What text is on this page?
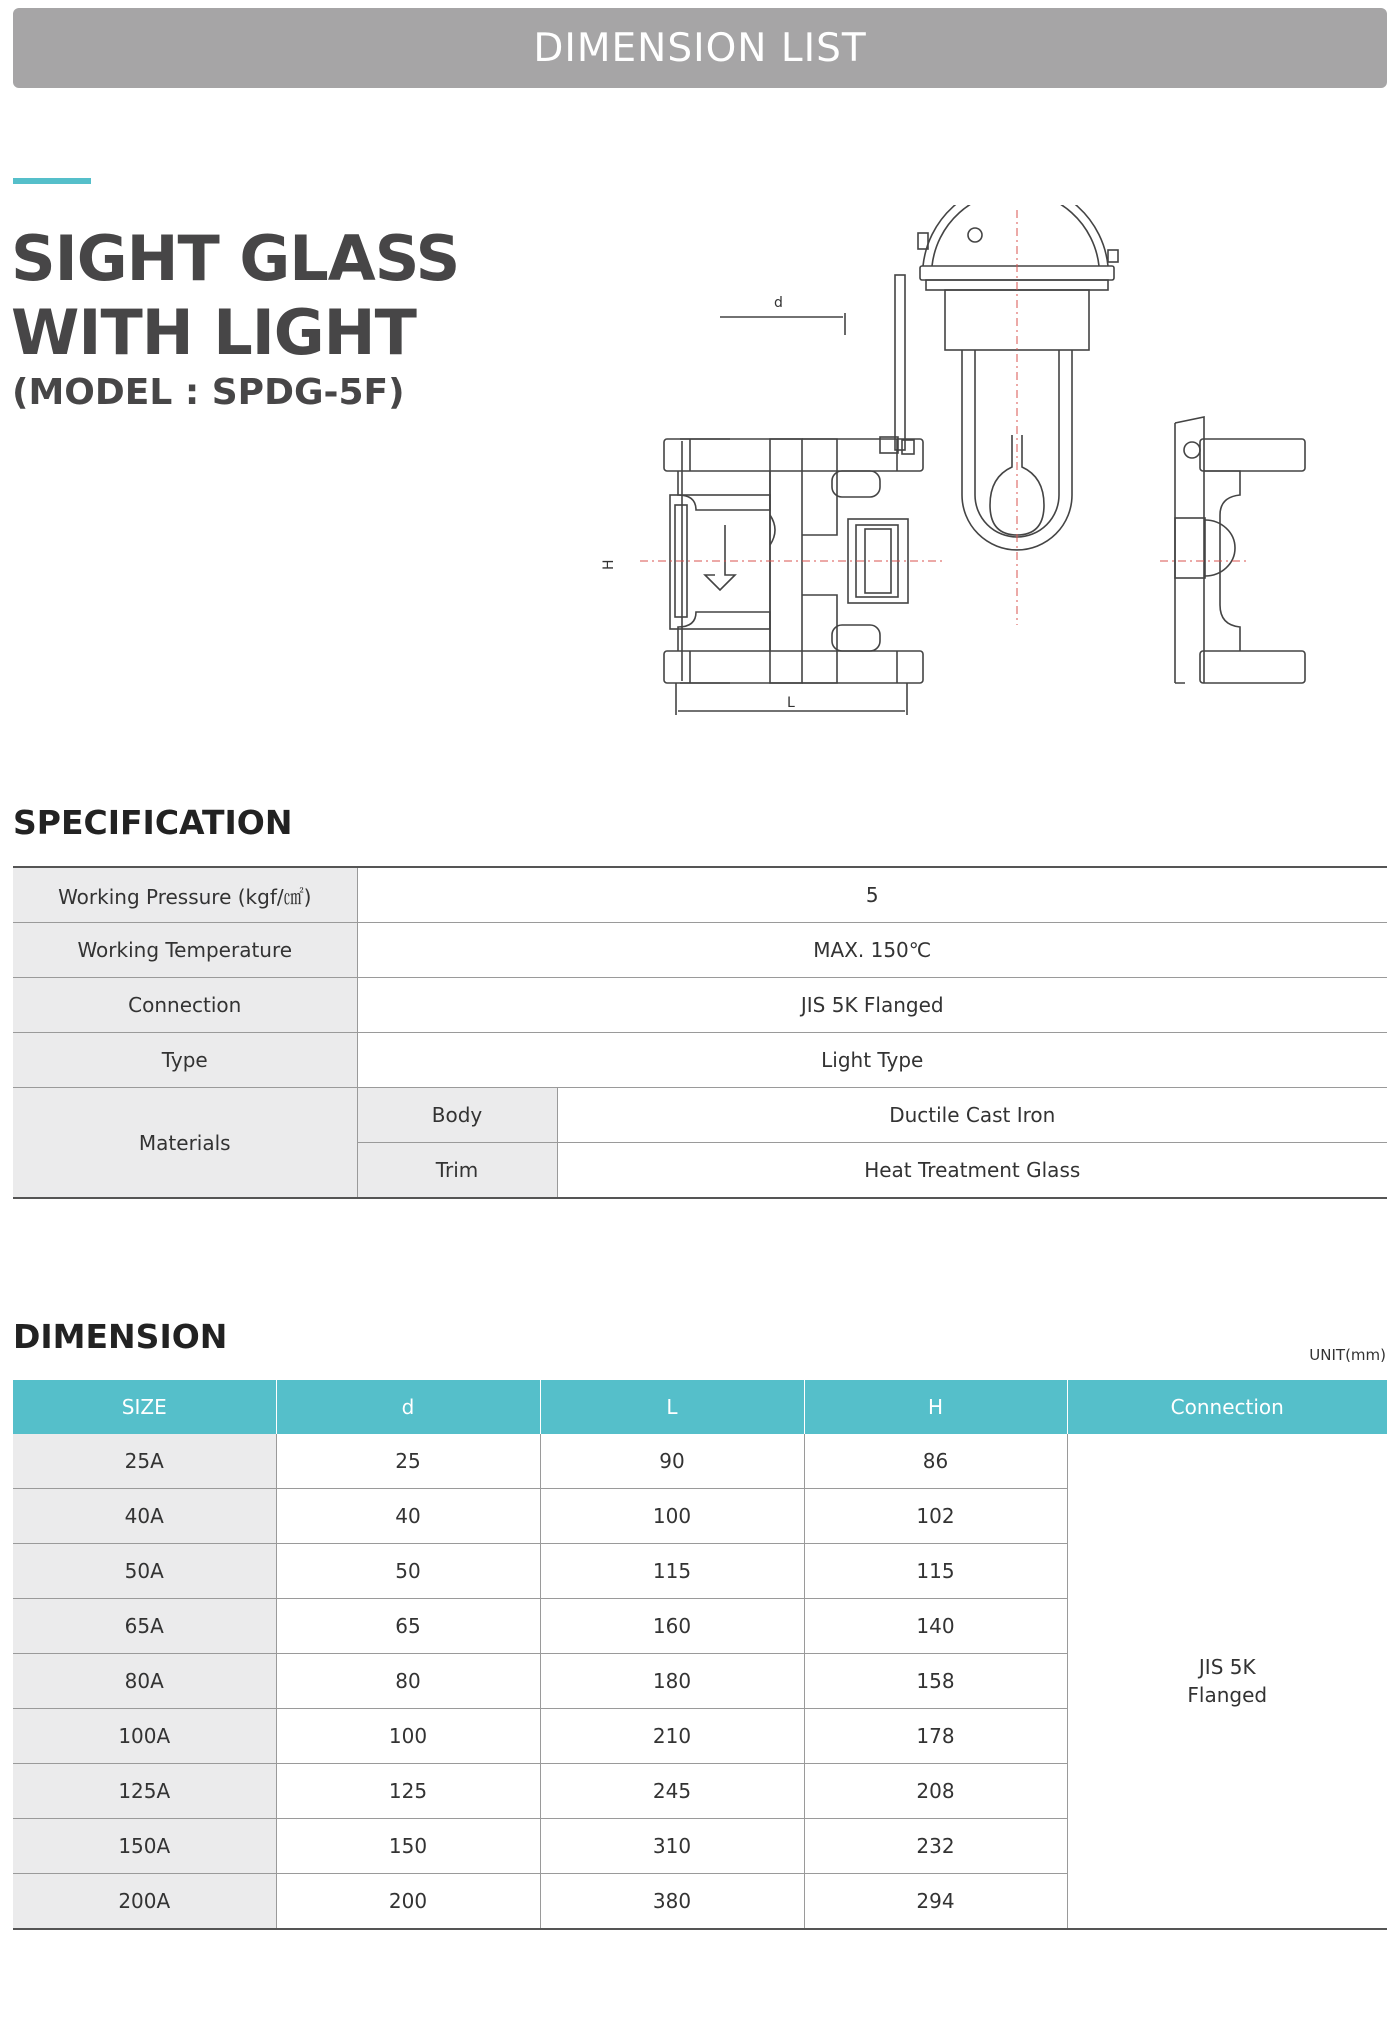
DIMENSION LIST
SIGHT GLASS
WITH LIGHT
(MODEL : SPDG-5F)
d
H
L
SPECIFICATION
Working Pressure (kgf/㎠)	5	
Working Temperature	MAX. 150℃	
Connection	JIS 5K Flanged	
Type	Light Type	
Materials	Body	Ductile Cast Iron
	Trim	Heat Treatment Glass
DIMENSION	UNIT(mm)
SIZE	d	L	H	Connection
25A	25	90	86	JIS 5K
Flanged

40A	40	100	102	
50A	50	115	115	
65A	65	160	140	
80A	80	180	158	
100A	100	210	178	
125A	125	245	208	
150A	150	310	232	
200A	200	380	294	
